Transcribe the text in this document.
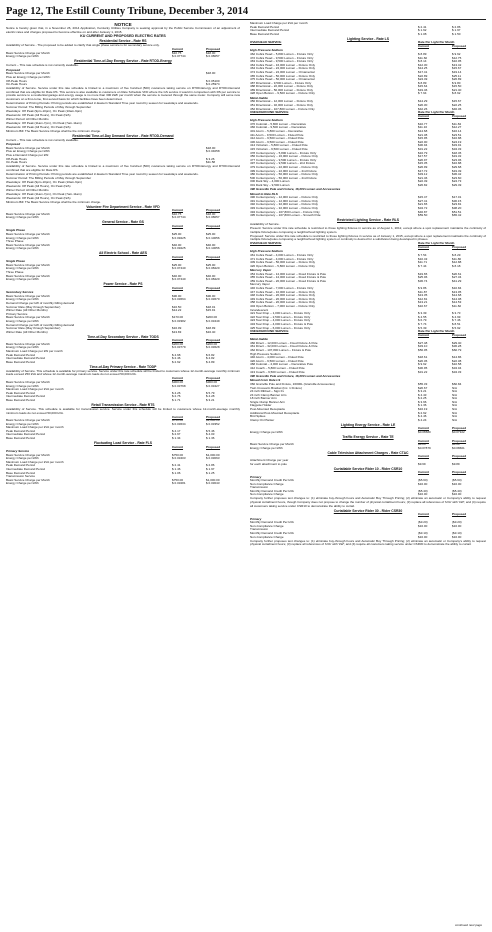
Page 12, The Estill County Tribune, December 3, 2014
NOTICE
Notice is hereby given that, in a November 26, 2014 Application, Kentucky Utilities Company is seeking approval by the Public Service Commission of an adjustment of electric rates and charges proposed to become effective on and after January 1, 2015.
KU CURRENT AND PROPOSED ELECTRIC RATES
Residential Service - Rate RS
Availability of Service - The proposed to be added to clarify that single phase service is for secondary service only.
Current	Proposed
Basic Service Charge per Month	$10.75	$18.00
Energy Charge per kWh	$ 0.07744	$ 0.08057
Residential Time-of-Day Energy Service - Rate RTOD-Energy
Current – This rate schedule is not currently available.
Proposed
Basic Service Charge per Month	$18.00
Plus an Energy Charge per kWh:
Off-Peak Hours	$ 0.05100
On-Peak Hours	$ 0.25974
Availability of Service. Service under this rate schedule is limited to a maximum of five hundred (500) customers taking service on RTOD-Energy and RTOD-Demand combined that are eligible for Rate RS. This service is also available to customers on Rate Schedule VFD where the GS service it would in comparison with RS per service to provide service to a residential garage and energy usage is no more than 300 kWh per month when the service is metered through the same meter. Company will serve new customers on a first-come, first-served basis for which facilities have been determined.
Determination of Pricing Periods: Pricing periods are established in Eastern Standard Time year round by season for weekdays and weekends.
Summer Period: The Billing Periods of May through September
Weekdays: Off Peak (9pm-10pm), On Peak (10am-9pm)
Weekends: Off Peak (All Hours), On Peak (N/A)
Winter Period: All Other Months
Weekdays: Off Peak (11am-7pm), On Peak (7am-11am)
Weekends: Off Peak (All Hours), On Peak (N/A)
Minimum Bill: The Basic Service Charge shall be the minimum charge.
Residential Time-of-Day Demand Service - Rate RTOD-Demand
Current – This rate schedule is not currently available.
Proposed
Basic Service Charge per Month	$18.00
Plus an Energy Charge per kWh	$ 0.04058
Plus a Demand Charge per kW:
Off-Peak Hours	$ 3.26
On-Peak Hours	$11.58
Availability of Service. Service under this rate schedule is limited to a maximum of five hundred (500) customers taking service on RTOD-Energy and RTOD-Demand combined that are eligible for Rate RS.
Determination of Pricing Periods: Pricing periods are established in Eastern Standard Time year round by season for weekdays and weekends.
Summer Period: The Billing Periods of May through September
Weekdays: Off Peak (9pm-10pm), On Peak (10am-9pm)
Weekends: Off Peak (All Hours), On Peak (N/A)
Winter Period: All Other Months
Weekdays: Off Peak (11am-7pm), On Peak (7am-11am)
Weekends: Off Peak (All Hours), On Peak (N/A)
Minimum Bill: The Basic Service Charge shall be the minimum charge.
Volunteer Fire Department Service - Rate VFD
Current	Proposed
Basic Service Charge per Month	$10.75	$18.00
Energy Charge per kWh	$ 0.07744	$ 0.08057
General Service - Rate GS
Current	Proposed
Single Phase
Basic Service Charge per Month	$25.00	$25.00
Energy Charge per kWh	$ 0.09225	$ 0.10056
Three Phase
Basic Service Charge per Month	$40.00	$40.00
Energy Charge per kWh	$ 0.09225	$ 0.10056
All Electric School - Rate AES
Current	Proposed
Single Phase
Basic Service Charge per Month	$25.00	$25.00
Energy Charge per kWh	$ 0.07440	$ 0.08220
Three Phase
Basic Service Charge per Month	$40.00	$40.00
Energy Charge per kWh	$ 0.07440	$ 0.08220
Power Service - Rate PS
Current	Proposed
Secondary Service
Basic Service Charge per Month	$90.00	$90.00
Energy Charge per kWh	$ 0.03664	$ 0.03670
Demand Charge per kW of monthly billing demand
Summer Rate (May through September)	$16.50	$18.01
Winter Rate (All Other Months)	$14.22	$15.91
Primary Service
Basic Service Charge per Month	$170.00	$200.00
Energy Charge per kWh	$ 0.03382	$ 0.03449
Demand Charge per kW of monthly billing demand
Summer Rate (May through September)	$16.09	$18.99
Winter Rate (All Other Months)	$13.83	$16.40
Time-of-Day Secondary Service - Rate TODS
Current	Proposed
Basic Service Charge per Month	$200.00	$200.00
Energy Charge per kWh	$ 0.03779	$ 0.03628
Maximum Load Charge per kW per month
Peak Demand Period	$ 4.68	$ 6.82
Intermediate Demand Period	$ 2.46	$ 4.82
Base Demand Period	$ 2.62	$ 4.89
Time-of-Day Primary Service - Rate TODP
Availability of Service. This schedule is available for primary service. Service under this rate schedule will be limited to customers whose 12-month-average monthly minimum loads exceed 250 kVA and whose 12-month-average maximum loads do not exceed 50,000 kVA.
Current	Proposed
Basic Service Charge per Month	$300.00	$300.00
Energy Charge per kWh	$ 0.03768	$ 0.03427
Maximum Load Charge per kVA per month
Peak Demand Period	$ 4.26	$ 5.79
Intermediate Demand Period	$ 2.76	$ 4.28
Base Demand Period	$ 1.71	$ 3.21
Retail Transmission Service - Rate RTS
Availability of Service. This schedule is available for transmission service. Service under this schedule will be limited to customers whose 12-month-average monthly minimum loads do not exceed 50,000 kVA.
Current	Proposed
Basic Service Charge per Month	$750.00	$1,000.00
Energy Charge per kWh	$ 0.03634	$ 0.03352
Maximum Load Charge per kVA per month
Peak Demand Period	$ 4.17	$ 5.46
Intermediate Demand Period	$ 2.67	$ 4.03
Base Demand Period	$ 1.34	$ 1.36
Fluctuating Load Service - Rate FLS
Current	Proposed
Primary Service
Basic Service Charge per Month	$750.00	$1,000.00
Energy Charge per kWh	$ 0.03403	$ 0.03063
Maximum Load Charge per kVA per month
Peak Demand Period	$ 2.41	$ 2.86
Intermediate Demand Period	$ 1.46	$ 1.97
Base Demand Period	$ 1.06	$ 1.25
Transmission Service
Basic Service Charge per Month	$750.00	$1,000.00
Energy Charge per kWh	$ 0.03281	$ 0.03043
Maximum Load Charge per kVA per month
Peak Demand Period	$ 2.41	$ 2.86
Intermediate Demand Period	$ 1.62	$ 1.97
Base Demand Period	$ 1.08	$ 1.50
Lighting Service - Rate LS
OVERHEAD SERVICE	Rate Per Light Per Month
Current	Proposed
High Pressure Sodium
462 Cobra Head – 5,800 Lumen – Fixture Only	$ 8.89	$ 9.62
472 Cobra Head – 9,500 Lumen – Fixture Only	$11.60	$12.75
463 Cobra Head – 9,500 Lumen – Fixture Only	$ 8.14	$10.05
464 Cobra Head – 16,000 Lumen – Fixture Only	$12.30	$13.42
464 Cobra Head – 22,000 Lumen – Fixture Only	$14.25	$15.67
474 Cobra Head – 22,000 Lumen – Ornamental	$17.41	$19.14
465 Cobra Head – 50,000 Lumen – Fixture Only	$22.89	$25.11
475 Cobra Head – 50,000 Lumen – Ornamental	$24.49	$26.89
487 Directional – 9,500 Lumen – Fixture Only	$ 8.89	$ 9.80
488 Directional – 22,000 Lumen – Fixture Only	$15.64	$15.50
489 Directional – 50,000 Lumen – Fixture Only	$19.46	$21.40
428 Open Bottom – 9,500 Lumen – Fixture Only	$ 7.64	$ 8.62
Metal Halide
450 Directional – 12,000 Lumen – Fixture Only	$14.29	$15.67
451 Directional – 32,000 Lumen – Fixture Only	$20.30	$22.25
452 Directional – 107,800 Lumen – Fixture Only	$42.26	$46.36
UNDERGROUND SERVICE	Rate Per Light Per Month
Current	Proposed
High Pressure Sodium
476 Colonial – 5,800 Lumen – Decorative	$10.77	$11.84
466 Colonial – 9,500 Lumen – Decorative	$11.16	$12.27
401 Acorn – 5,800 Lumen – Decorative	$14.68	$16.14
411 Acorn – 9,500 Lumen – Fluted Pole	$21.38	$23.51
412 Acorn – 9,500 Lumen – Fluted Pole	$15.95	$16.88
430 Acorn – 9,500 Lumen – Fluted Pole	$22.00	$24.19
414 Victorian – 5,800 Lumen – Fluted Pole	$30.94	$33.91
415 Victorian – 9,500 Lumen – Fluted Pole	$31.22	$34.33
478 Contemporary – 5,800 Lumen – Fixture Only	$16.79	$18.45
456 Contemporary – 16,000 Lumen – Fixture Only	$17.57	$19.32
477 Contemporary – 9,500 Lumen – Fixture Only	$20.97	$23.06
497 Contemporary – 9,500 Lumen – 2nd Fixture	$15.35	$16.88
479 Contemporary – 22,000 Lumen – Fixture Only	$26.99	$29.68
499 Contemporary – 22,000 Lumen – 2nd Fixture	$17.72	$19.49
480 Contemporary – 50,000 Lumen – Fixture Only	$33.12	$36.42
500 Contemporary – 50,000 Lumen – 2nd Fixture	$21.46	$23.60
300 Dark Sky – 4,000 Lumen	$22.49	$24.73
301 Dark Sky – 9,500 Lumen	$26.82	$29.49
390 Granville Pole and Fixture, 16,000 Lumen and Accessories
Moved to Rate RLS
490 Contemporary – 12,000 Lumen – Fixture Only	$15.47	$17.01
491 Contemporary – 12,000 Lumen – Fixture Only	$27.41	$30.15
492 Contemporary – 32,000 Lumen – Fixture Only	$21.65	$23.81
493 Contemporary – 32,000 Lumen – Fixture Only	$34.72	$38.20
494 Contemporary – 107,800 Lumen – Fixture Only	$46.87	$51.51
495 Contemporary – 107,800 Lumen – Smooth Pole	$59.50	$65.42
Restricted Lighting Service - Rate RLS
Availability of Service.
Present: Service under this rate schedule is restricted to those lighting fixtures in service as of August 1, 2012, except where a spot replacement maintains the continuity of multiple fixture/poles composing a neighborhood lighting system.
Proposed: Service under this rate schedule is restricted to those lighting fixtures in service as of January 1, 2015, except where a spot replacement maintains the continuity of multiple fixture/poles composing a neighborhood lighting system or continuity is desired for a subdivision being developed in phases.
OVERHEAD SERVICE	Rate Per Light Per Month
Current	Proposed
High Pressure Sodium
461 Cobra Head – 4,000 Lumen – Fixture Only	$ 7.54	$ 8.29
471 Cobra Head – 4,000 Lumen – Fixture Only	$10.43	$11.80
409 Cobra Head – 50,000 Lumen – Fixture Only	$11.71	$12.88
426 Open Bottom – 5,800 Lumen – Fixture Only	$ 7.44	$ 8.18
Mercury Vapor
454 Cobra Head – 12,000 Lumen – Fixed Fixture & Pole	$19.65	$20.61
455 Cobra Head – 12,000 Lumen – Fixed Fixture & Pole	$25.06	$27.34
459 Cobra Head – 20,000 Lumen – Fixed Fixture & Pole	$36.74	$41.29
Mercury Vapor
446 Cobra Head – 7,000 Lumen – Fixture Only	$ 9.86	$10.84
447 Cobra Head – 10,000 Lumen – Fixture Only	$11.87	$13.05
448 Cobra Head – 20,000 Lumen – Fixture Only	$13.35	$14.68
449 Cobra Head – 20,000 Lumen – Fixture Only	$12.81	$14.08
458 Cobra Head – 20,000 Lumen – Fixture Only	$13.21	$14.53
404 Open Bottom – 7,000 Lumen – Fixture Only	$10.67	$11.82
Incandescent
421 Tear Drop – 1,000 Lumen – Fixture Only	$ 3.39	$ 3.73
422 Tear Drop – 2,500 Lumen – Fixture Only	$ 4.55	$ 4.99
424 Tear Drop – 4,000 Lumen – Fixture Only	$ 6.79	$ 7.46
434 Tear Drop – 4,000 Lumen – Fixture & Pole	$ 7.74	$ 8.51
425 Tear Drop – 6,000 Lumen – Fixture Only	$ 5.39	$ 5.92
UNDERGROUND SERVICE	Rate Per Light Per Month
Current	Proposed
Metal Halide
460 Direct – 12,000 Lumen – Fixed Fixture & Pole	$27.48	$29.40
461 Direct – 32,000 Lumen – Fixed Fixture & Pole	$33.10	$36.28
462 Direct – 107,800 Lumen – Fixture & Pole	$56.05	$60.79
High Pressure Sodium
440 Acorn – 4,000 Lumen – Fluted Pole	$18.61	$14.86
420 Acorn – 9,500 Lumen – Fluted Pole	$20.36	$22.38
468 Colonial – 4,000 Lumen – Decorative Pole	$ 9.62	$10.58
412 Coach – 5,800 Lumen – Fluted Pole	$30.95	$34.04
413 Coach – 9,500 Lumen – Fluted Pole	$31.22	$34.33
390 Granville Pole and Fixture, 16,000 Lumen and Accessories
Moved From Rate LS
360 Granville Pole and Fixture, 16000L (Granville Accessories)	$55.33	$60.84
Twin Crossarm Bracket (Inc. 1 Fixture)	$20.67	N/A
24 inch Ribbed – Sign Fx	$ 3.21	N/A
24 inch Clamp Banner Arm	$ 4.43	N/A
18 inch Banner Arm	$ 2.25	N/A
Single Clamp Banner Arm	$ 3.66	N/A
Flagpole Holder	$ 1.36	N/A
Post-Mounted Receptacle	$16.19	N/A
Additional Post-Mounted Receptacle	$ 2.62	N/A
Bird Spikes	$ 4.46	N/A
Clamp On Planter	$ 4.24	N/A
Lighting Energy Service - Rate LE
Current	Proposed
Energy Charge per kWh	$0.06580	$0.07322
Traffic Energy Service - Rate TE
Current	Proposed
Basic Service Charge per Month	$3.26	$4.00
Energy Charge per kWh	$0.07879	$0.08601
Cable Television Attachment Charges - Rate CTAC
Current	Proposed
Attachment Charge per year
for each attachment to pole	$9.69	$9.89
Curtailable Service Rider 10 - Rider CSR10
Current	Proposed
Primary
Monthly Demand Credit Per kVA	($5.60)	($5.60)
Non-Compliance Charge	$16.00	$16.00
Transmission
Monthly Demand Credit Per kVA	($5.40)	($5.40)
Non-Compliance Charge	$16.00	$16.00
Company further proposes text changes to: (1) eliminate buy-through hours and Automatic Buy Through Pricing; (2) eliminate an automatic or Company's ability to request physical curtailment hours, though Company does not propose to change the number of physical curtailment hours; (3) replace all references of 'kVA' with 'kW'; and (4) require all customers taking service under CSR10 to demonstrate the ability to curtail.
Curtailable Service Rider 30 - Rider CSR30
Current	Proposed
Primary
Monthly Demand Credit Per kVA	($3.20)	($3.20)
Non-Compliance Charge	$16.00	$16.00
Transmission
Monthly Demand Credit Per kVA	($3.10)	($3.10)
Non-Compliance Charge	$16.00	$16.00
Company further proposes text changes to: (1) eliminate buy-through hours and Automatic Buy Through Pricing; (2) eliminate an automatic or Company's ability to request physical curtailment hours; (3) replace all references of 'kVA' with 'kW'; and (4) require all customers taking service under CSR30 to demonstrate the ability to curtail.
continued next page
